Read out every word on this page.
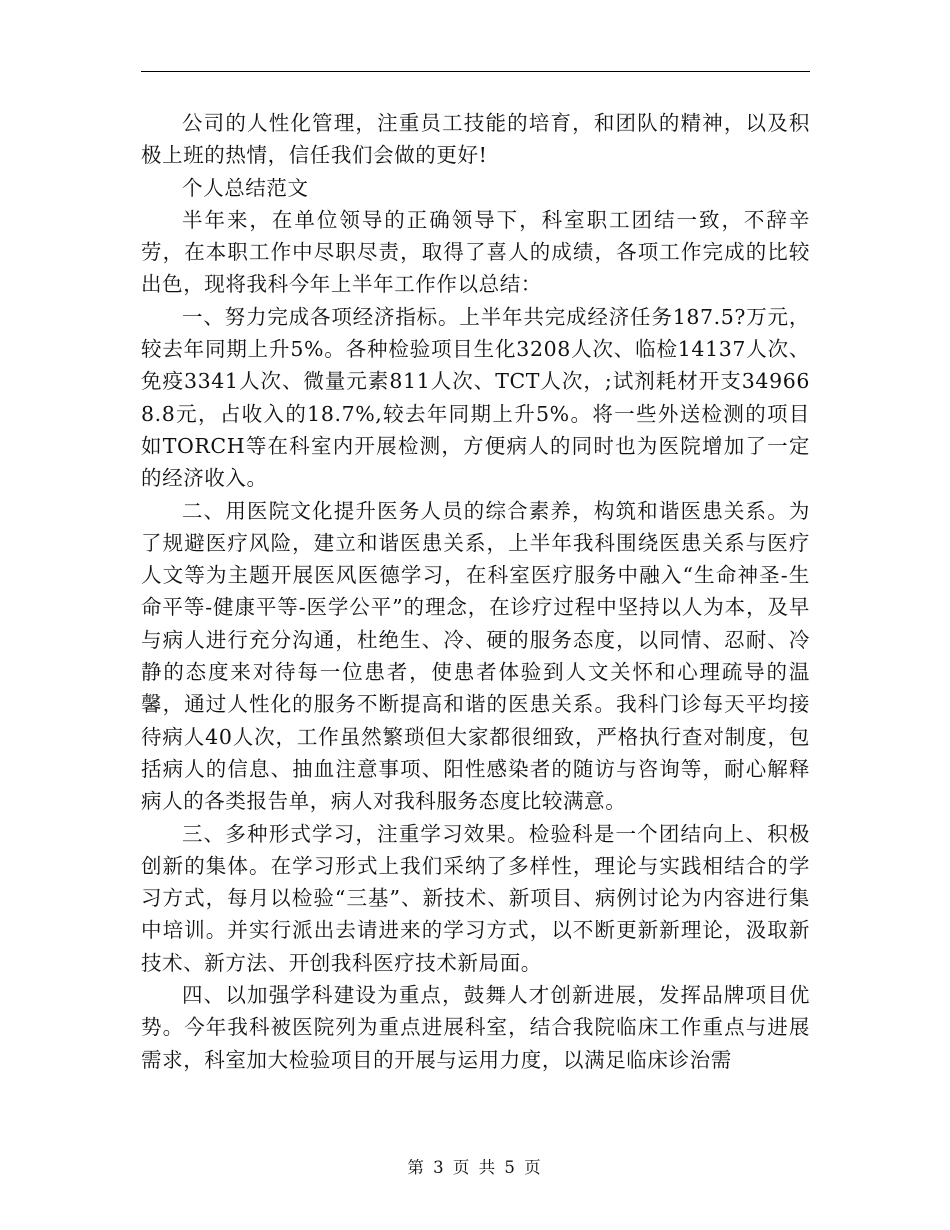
公司的人性化管理，注重员工技能的培育，和团队的精神，以及积极上班的热情，信任我们会做的更好!

个人总结范文

半年来，在单位领导的正确领导下，科室职工团结一致，不辞辛劳，在本职工作中尽职尽责，取得了喜人的成绩，各项工作完成的比较出色，现将我科今年上半年工作作以总结：

一、努力完成各项经济指标。上半年共完成经济任务187.5?万元，较去年同期上升5%。各种检验项目生化3208人次、临检14137人次、免疫3341人次、微量元素811人次、TCT人次，;试剂耗材开支349668.8元，占收入的18.7%,较去年同期上升5%。将一些外送检测的项目如TORCH等在科室内开展检测，方便病人的同时也为医院增加了一定的经济收入。

二、用医院文化提升医务人员的综合素养，构筑和谐医患关系。为了规避医疗风险，建立和谐医患关系，上半年我科围绕医患关系与医疗人文等为主题开展医风医德学习，在科室医疗服务中融入“生命神圣-生命平等-健康平等-医学公平”的理念，在诊疗过程中坚持以人为本，及早与病人进行充分沟通，杜绝生、冷、硬的服务态度，以同情、忍耐、冷静的态度来对待每一位患者，使患者体验到人文关怀和心理疏导的温馨，通过人性化的服务不断提高和谐的医患关系。我科门诊每天平均接待病人40人次，工作虽然繁琐但大家都很细致，严格执行查对制度，包括病人的信息、抽血注意事项、阳性感染者的随访与咨询等，耐心解释病人的各类报告单，病人对我科服务态度比较满意。

三、多种形式学习，注重学习效果。检验科是一个团结向上、积极创新的集体。在学习形式上我们采纳了多样性，理论与实践相结合的学习方式，每月以检验“三基”、新技术、新项目、病例讨论为内容进行集中培训。并实行派出去请进来的学习方式，以不断更新新理论，汲取新技术、新方法、开创我科医疗技术新局面。

四、以加强学科建设为重点，鼓舞人才创新进展，发挥品牌项目优势。今年我科被医院列为重点进展科室，结合我院临床工作重点与进展需求，科室加大检验项目的开展与运用力度，以满足临床诊治需

第 3 页 共 5 页
